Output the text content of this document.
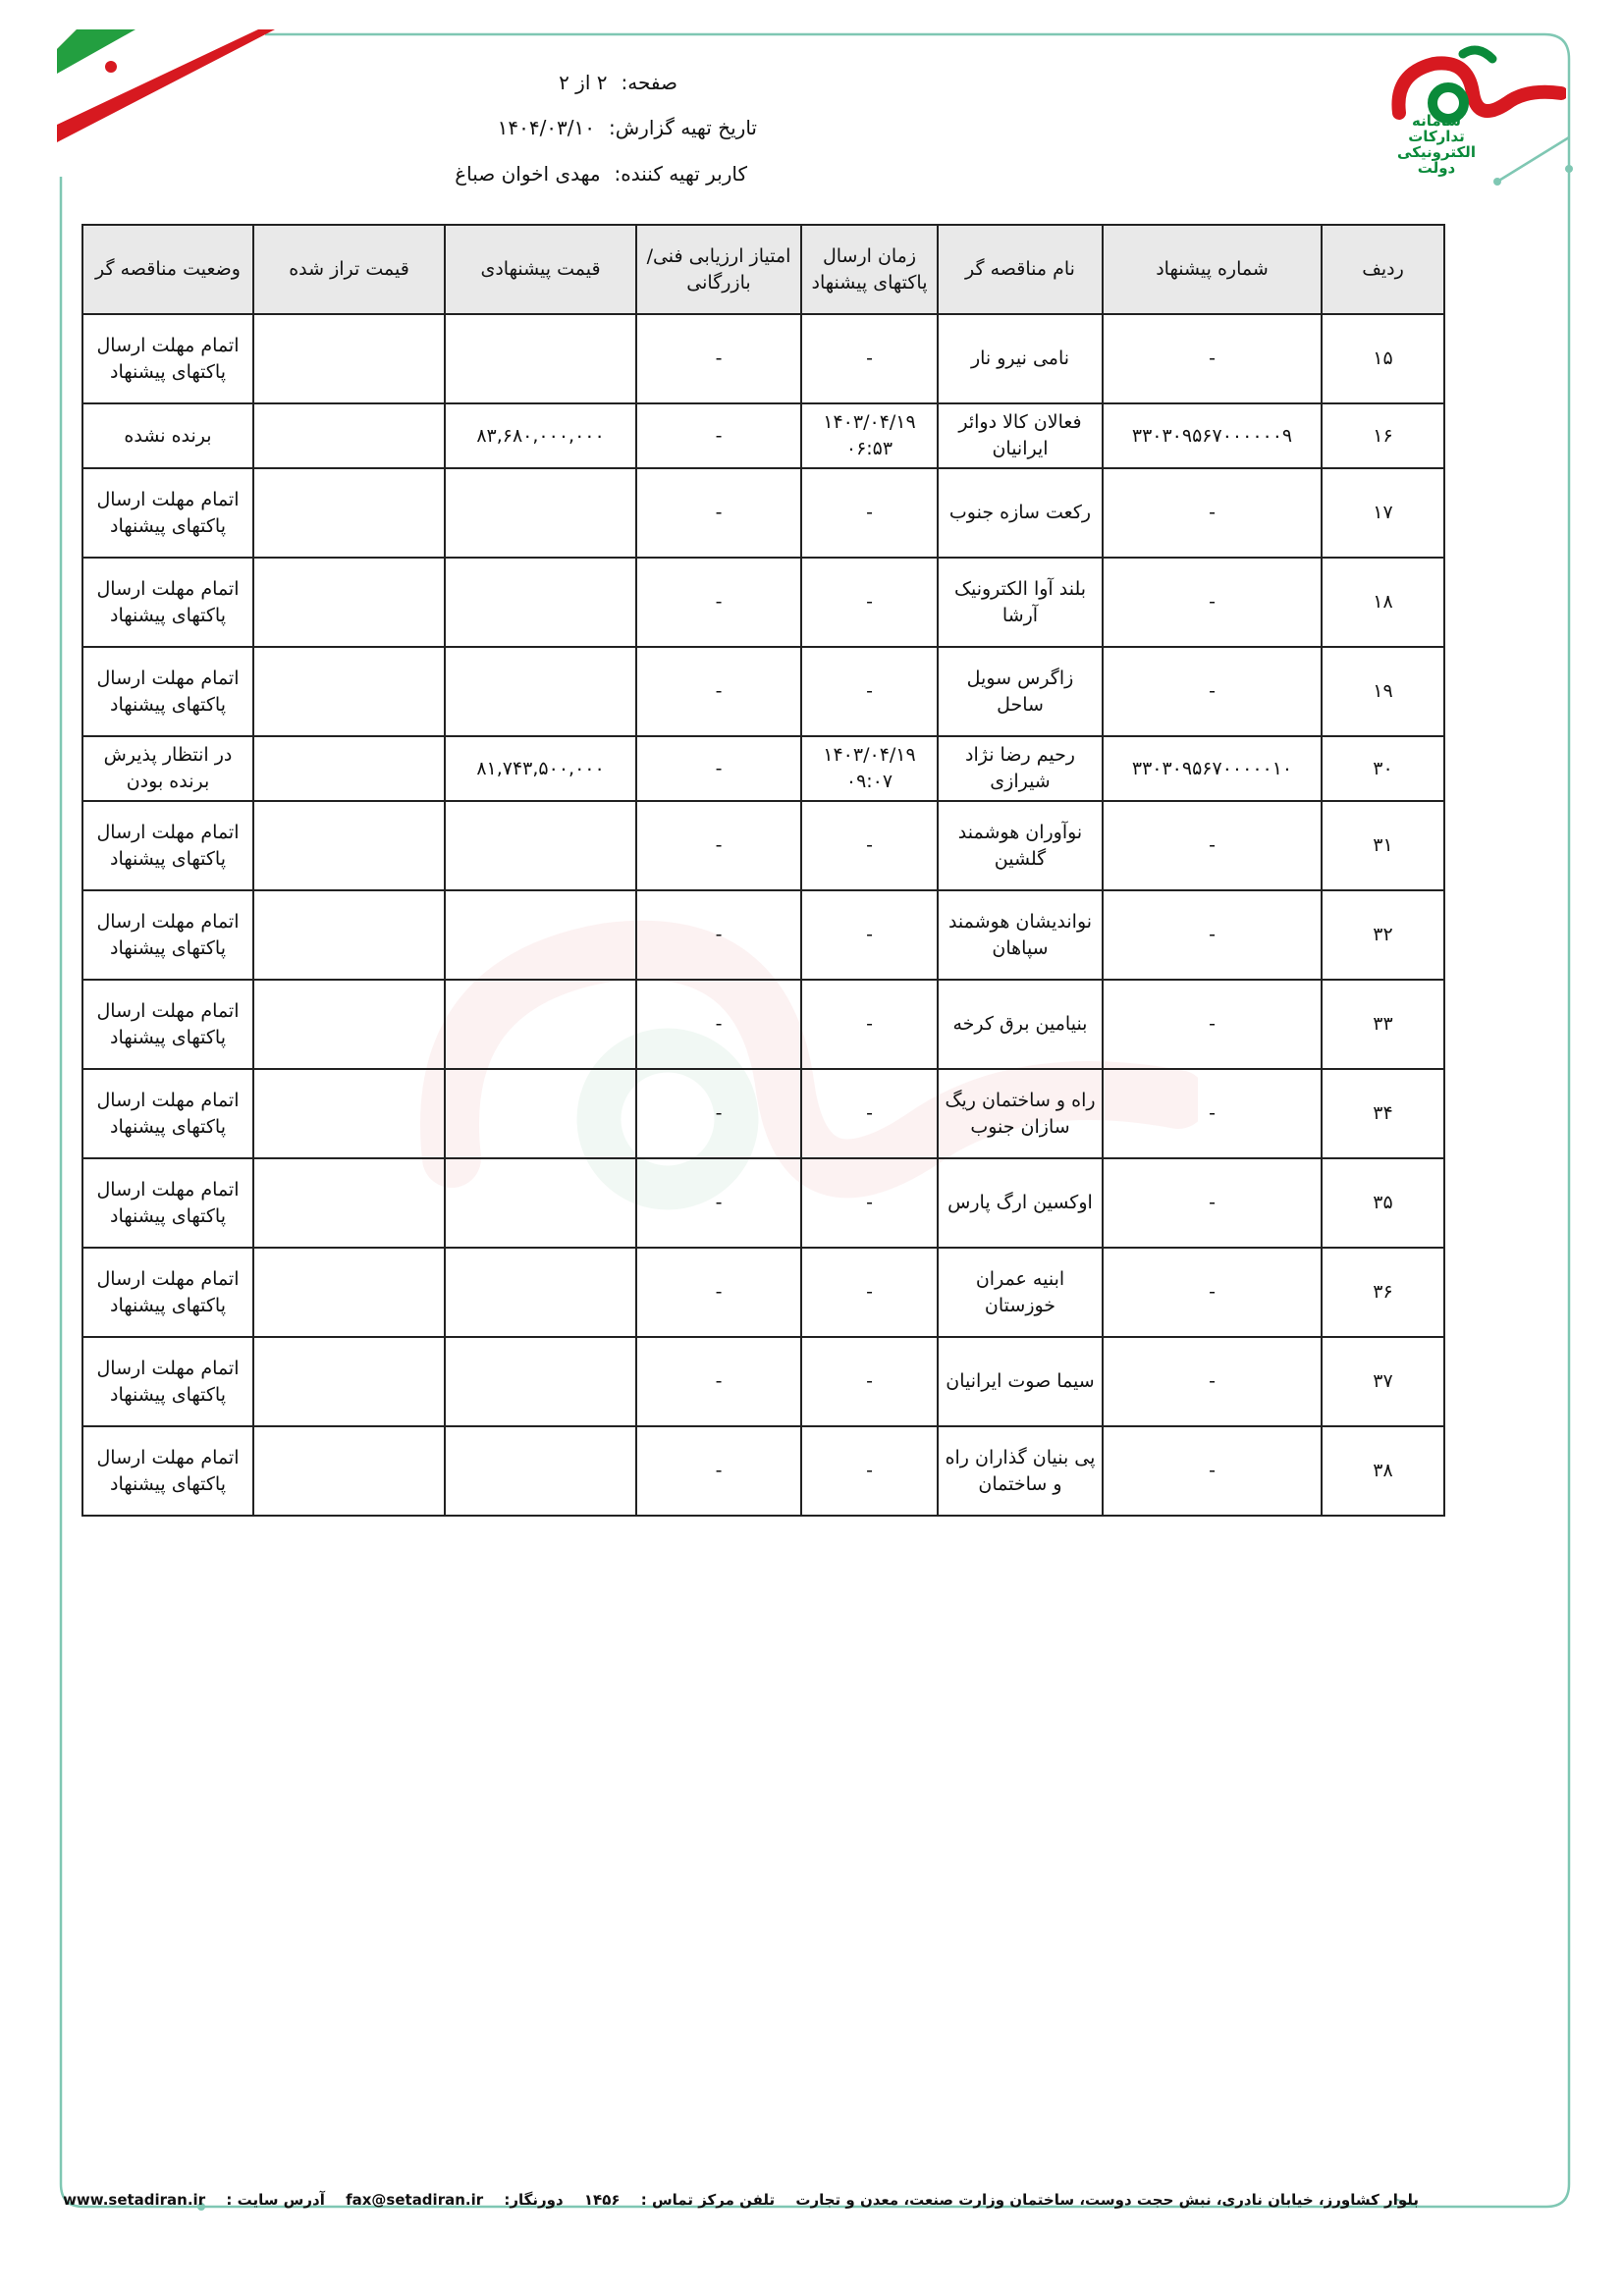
سامانه
تدارکات
الکترونیکی
دولت
صفحه:۲ از ۲
تاریخ تهیه گزارش:۱۴۰۴/۰۳/۱۰
کاربر تهیه کننده:مهدی اخوان صباغ
ردیف	شماره پیشنهاد	نام مناقصه گر	زمان ارسال پاکتهای پیشنهاد	امتیاز ارزیابی فنی/بازرگانی	قیمت پیشنهادی	قیمت تراز شده	وضعیت مناقصه گر
۱۵	-	نامی نیرو نار	-	-			اتمام مهلت ارسال پاکتهای پیشنهاد
۱۶	۳۳۰۳۰۹۵۶۷۰۰۰۰۰۰۹	فعالان کالا دوائر ایرانیان	۱۴۰۳/۰۴/۱۹ ۰۶:۵۳	-	۸۳,۶۸۰,۰۰۰,۰۰۰		برنده نشده
۱۷	-	رکعت سازه جنوب	-	-			اتمام مهلت ارسال پاکتهای پیشنهاد
۱۸	-	بلند آوا الکترونیک آرشا	-	-			اتمام مهلت ارسال پاکتهای پیشنهاد
۱۹	-	زاگرس سویل ساحل	-	-			اتمام مهلت ارسال پاکتهای پیشنهاد
۳۰	۳۳۰۳۰۹۵۶۷۰۰۰۰۰۱۰	رحیم رضا نژاد شیرازی	۱۴۰۳/۰۴/۱۹ ۰۹:۰۷	-	۸۱,۷۴۳,۵۰۰,۰۰۰		در انتظار پذیرش برنده بودن
۳۱	-	نوآوران هوشمند گلشین	-	-			اتمام مهلت ارسال پاکتهای پیشنهاد
۳۲	-	نواندیشان هوشمند سپاهان	-	-			اتمام مهلت ارسال پاکتهای پیشنهاد
۳۳	-	بنیامین برق کرخه	-	-			اتمام مهلت ارسال پاکتهای پیشنهاد
۳۴	-	راه و ساختمان ریگ سازان جنوب	-	-			اتمام مهلت ارسال پاکتهای پیشنهاد
۳۵	-	اوکسین ارگ پارس	-	-			اتمام مهلت ارسال پاکتهای پیشنهاد
۳۶	-	ابنیه عمران خوزستان	-	-			اتمام مهلت ارسال پاکتهای پیشنهاد
۳۷	-	سیما صوت ایرانیان	-	-			اتمام مهلت ارسال پاکتهای پیشنهاد
۳۸	-	پی بنیان گذاران راه و ساختمان	-	-			اتمام مهلت ارسال پاکتهای پیشنهاد
بلوار کشاورز، خیابان نادری، نبش حجت دوست، ساختمان وزارت صنعت، معدن و تجارت تلفن مرکز تماس : ۱۴۵۶ دورنگار: fax@setadiran.ir آدرس سایت : www.setadiran.ir
